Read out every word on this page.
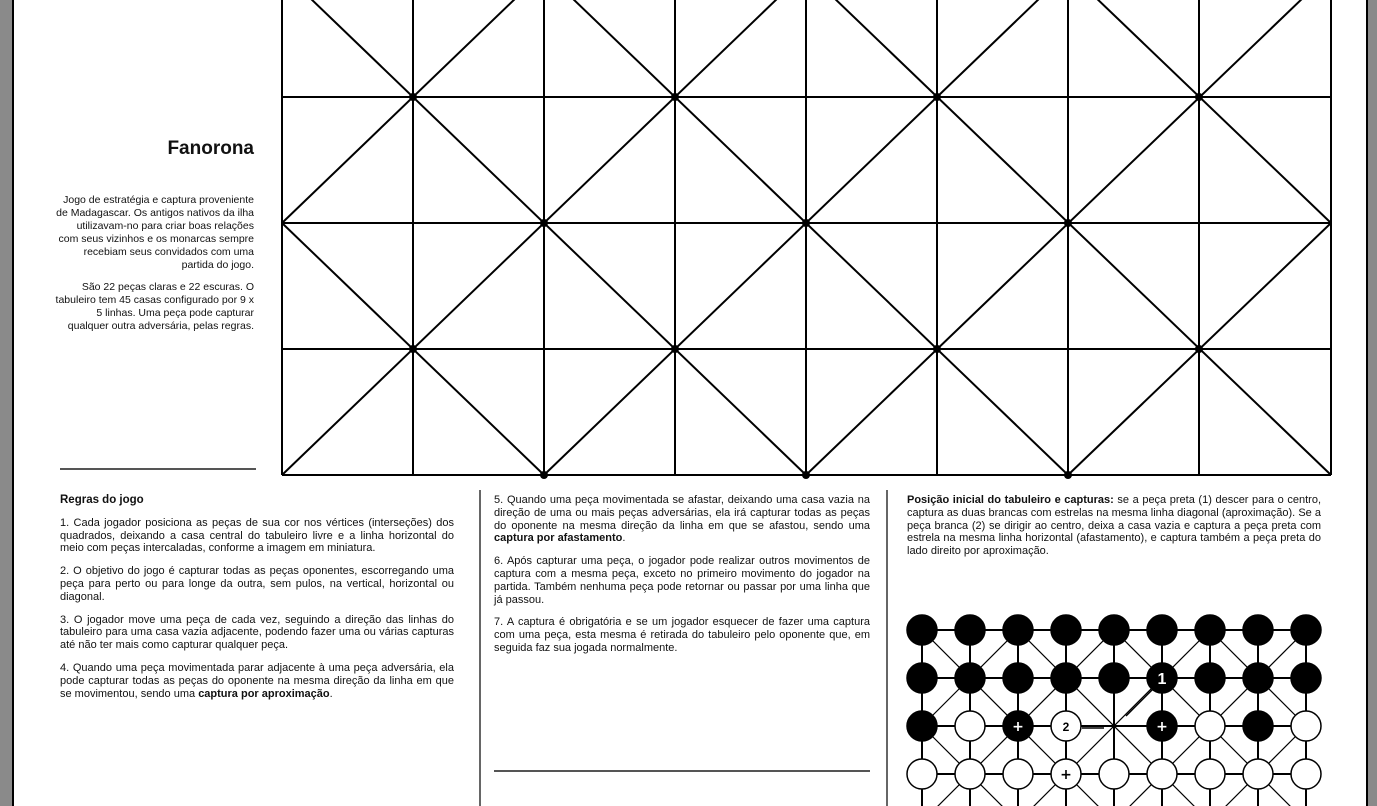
Fanorona

Jogo de estratégia e captura proveniente de Madagascar. Os antigos nativos da ilha utilizavam-no para criar boas relações com seus vizinhos e os monarcas sempre recebiam seus convidados com uma partida do jogo.

São 22 peças claras e 22 escuras. O tabuleiro tem 45 casas configurado por 9 x 5 linhas. Uma peça pode capturar qualquer outra adversária, pelas regras.

Regras do jogo

1. Cada jogador posiciona as peças de sua cor nos vértices (interseções) dos quadrados, deixando a casa central do tabuleiro livre e a linha horizontal do meio com peças intercaladas, conforme a imagem em miniatura.

2. O objetivo do jogo é capturar todas as peças oponentes, escorregando uma peça para perto ou para longe da outra, sem pulos, na vertical, horizontal ou diagonal.

3. O jogador move uma peça de cada vez, seguindo a direção das linhas do tabuleiro para uma casa vazia adjacente, podendo fazer uma ou várias capturas até não ter mais como capturar qualquer peça.

4. Quando uma peça movimentada parar adjacente à uma peça adversária, ela pode capturar todas as peças do oponente na mesma direção da linha em que se movimentou, sendo uma captura por aproximação.

5. Quando uma peça movimentada se afastar, deixando uma casa vazia na direção de uma ou mais peças adversárias, ela irá capturar todas as peças do oponente na mesma direção da linha em que se afastou, sendo uma captura por afastamento.

6. Após capturar uma peça, o jogador pode realizar outros movimentos de captura com a mesma peça, exceto no primeiro movimento do jogador na partida. Também nenhuma peça pode retornar ou passar por uma linha que já passou.

7. A captura é obrigatória e se um jogador esquecer de fazer uma captura com uma peça, esta mesma é retirada do tabuleiro pelo oponente que, em seguida faz sua jogada normalmente.

Posição inicial do tabuleiro e capturas: se a peça preta (1) descer para o centro, captura as duas brancas com estrelas na mesma linha diagonal (aproximação). Se a peça branca (2) se dirigir ao centro, deixa a casa vazia e captura a peça preta com estrela na mesma linha horizontal (afastamento), e captura também a peça preta do lado direito por aproximação.

+	+
+
1
2
